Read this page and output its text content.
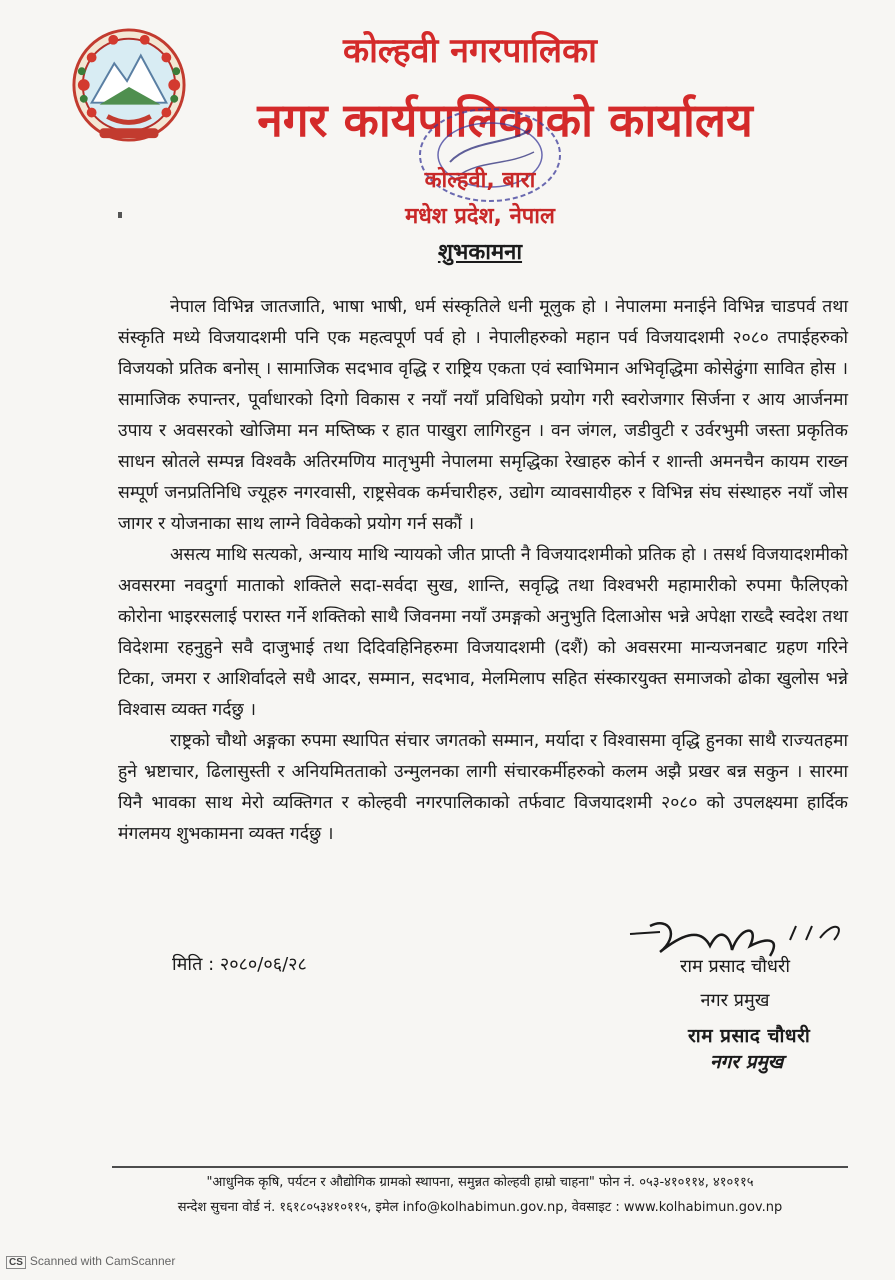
कोल्हवी नगरपालिका
नगर कार्यपालिकाको कार्यालय
कोल्हवी, बारा
मधेश प्रदेश, नेपाल
शुभकामना

नेपाल विभिन्न जातजाति, भाषा भाषी, धर्म संस्कृतिले धनी मूलुक हो । नेपालमा मनाईने विभिन्न चाडपर्व तथा संस्कृति मध्ये विजयादशमी पनि एक महत्वपूर्ण पर्व हो । नेपालीहरुको महान पर्व विजयादशमी २०८० तपाईहरुको विजयको प्रतिक बनोस् । सामाजिक सदभाव वृद्धि र राष्ट्रिय एकता एवं स्वाभिमान अभिवृद्धिमा कोसेढुंगा सावित होस । सामाजिक रुपान्तर, पूर्वाधारको दिगो विकास र नयाँ नयाँ प्रविधिको प्रयोग गरी स्वरोजगार सिर्जना र आय आर्जनमा उपाय र अवसरको खोजिमा मन मष्तिष्क र हात पाखुरा लागिरहुन । वन जंगल, जडीवुटी र उर्वरभुमी जस्ता प्रकृतिक साधन स्रोतले सम्पन्न विश्वकै अतिरमणिय मातृभुमी नेपालमा समृद्धिका रेखाहरु कोर्न र शान्ती अमनचैन कायम राख्न सम्पूर्ण जनप्रतिनिधि ज्यूहरु नगरवासी, राष्ट्रसेवक कर्मचारीहरु, उद्योग व्यावसायीहरु र विभिन्न संघ संस्थाहरु नयाँ जोस जागर र योजनाका साथ लाग्ने विवेकको प्रयोग गर्न सकौं ।

असत्य माथि सत्यको, अन्याय माथि न्यायको जीत प्राप्ती नै विजयादशमीको प्रतिक हो । तसर्थ विजयादशमीको अवसरमा नवदुर्गा माताको शक्तिले सदा-सर्वदा सुख, शान्ति, सवृद्धि तथा विश्वभरी महामारीको रुपमा फैलिएको कोरोना भाइरसलाई परास्त गर्ने शक्तिको साथै जिवनमा नयाँ उमङ्गको अनुभुति दिलाओस भन्ने अपेक्षा राख्दै स्वदेश तथा विदेशमा रहनुहुने सवै दाजुभाई तथा दिदिवहिनिहरुमा विजयादशमी (दशैं) को अवसरमा मान्यजनबाट ग्रहण गरिने टिका, जमरा र आशिर्वादले सधै आदर, सम्मान, सदभाव, मेलमिलाप सहित संस्कारयुक्त समाजको ढोका खुलोस भन्ने विश्वास व्यक्त गर्दछु ।

राष्ट्रको चौथो अङ्गका रुपमा स्थापित संचार जगतको सम्मान, मर्यादा र विश्वासमा वृद्धि हुनका साथै राज्यतहमा हुने भ्रष्टाचार, ढिलासुस्ती र अनियमितताको उन्मुलनका लागी संचारकर्मीहरुको कलम अझै प्रखर बन्न सकुन । सारमा यिनै भावका साथ मेरो व्यक्तिगत र कोल्हवी नगरपालिकाको तर्फवाट विजयादशमी २०८० को उपलक्ष्यमा हार्दिक मंगलमय शुभकामना व्यक्त गर्दछु ।

मिति : २०८०/०६/२८	राम प्रसाद चौधरी
नगर प्रमुख
राम प्रसाद चौधरी
नगर प्रमुख
"आधुनिक कृषि, पर्यटन र औद्योगिक ग्रामको स्थापना, समुन्नत कोल्हवी हाम्रो चाहना" फोन नं. ०५३-४१०११४, ४१०११५
सन्देश सुचना वोर्ड नं. १६१८०५३४१०११५, इमेल info@kolhabimun.gov.np, वेवसाइट : www.kolhabimun.gov.np
CS Scanned with CamScanner
